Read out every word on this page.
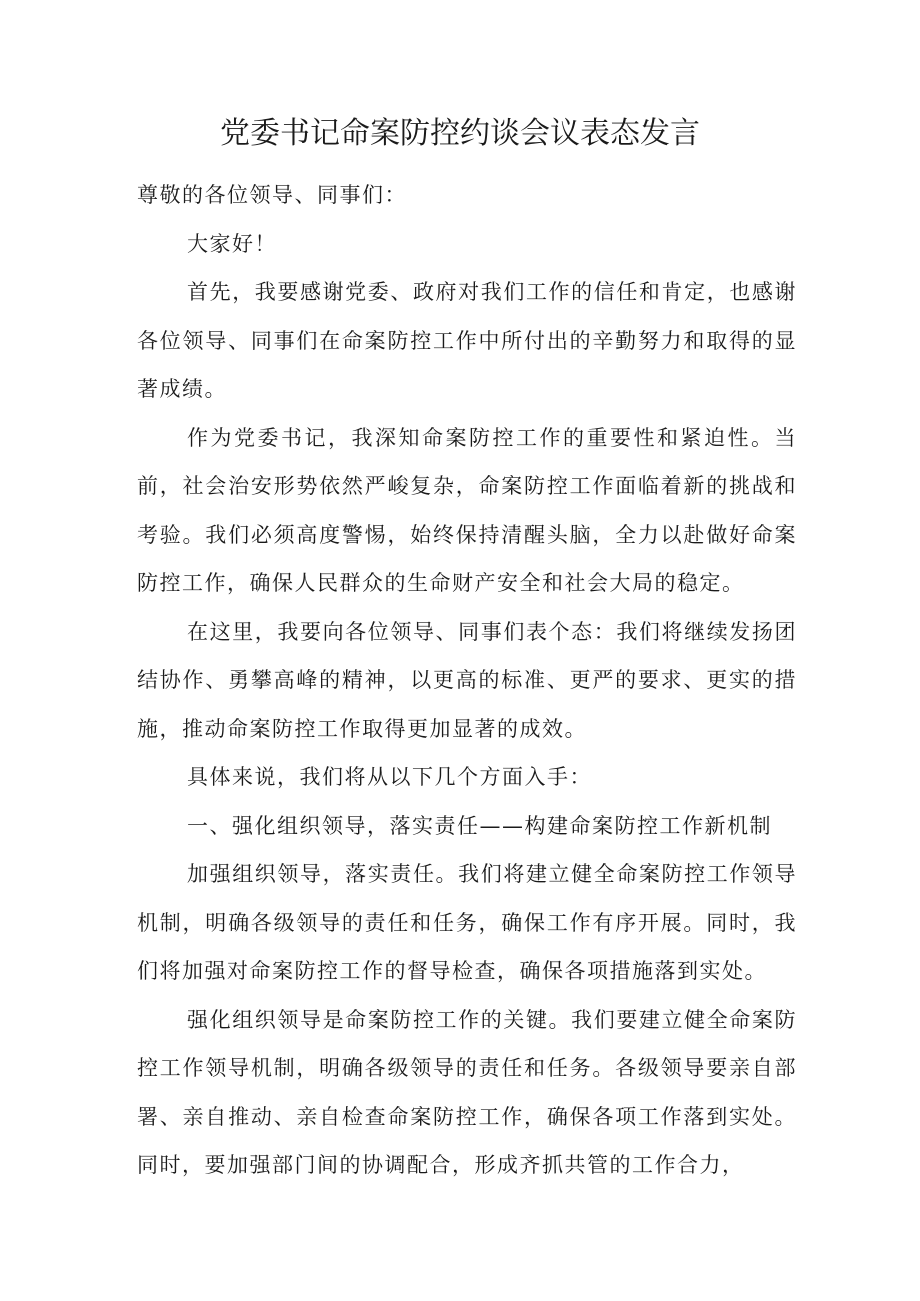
党委书记命案防控约谈会议表态发言

尊敬的各位领导、同事们：

大家好！

首先，我要感谢党委、政府对我们工作的信任和肯定，也感谢各位领导、同事们在命案防控工作中所付出的辛勤努力和取得的显著成绩。

作为党委书记，我深知命案防控工作的重要性和紧迫性。当前，社会治安形势依然严峻复杂，命案防控工作面临着新的挑战和考验。我们必须高度警惕，始终保持清醒头脑，全力以赴做好命案防控工作，确保人民群众的生命财产安全和社会大局的稳定。

在这里，我要向各位领导、同事们表个态：我们将继续发扬团结协作、勇攀高峰的精神，以更高的标准、更严的要求、更实的措施，推动命案防控工作取得更加显著的成效。

具体来说，我们将从以下几个方面入手：

一、强化组织领导，落实责任——构建命案防控工作新机制

加强组织领导，落实责任。我们将建立健全命案防控工作领导机制，明确各级领导的责任和任务，确保工作有序开展。同时，我们将加强对命案防控工作的督导检查，确保各项措施落到实处。

强化组织领导是命案防控工作的关键。我们要建立健全命案防控工作领导机制，明确各级领导的责任和任务。各级领导要亲自部署、亲自推动、亲自检查命案防控工作，确保各项工作落到实处。同时，要加强部门间的协调配合，形成齐抓共管的工作合力，
